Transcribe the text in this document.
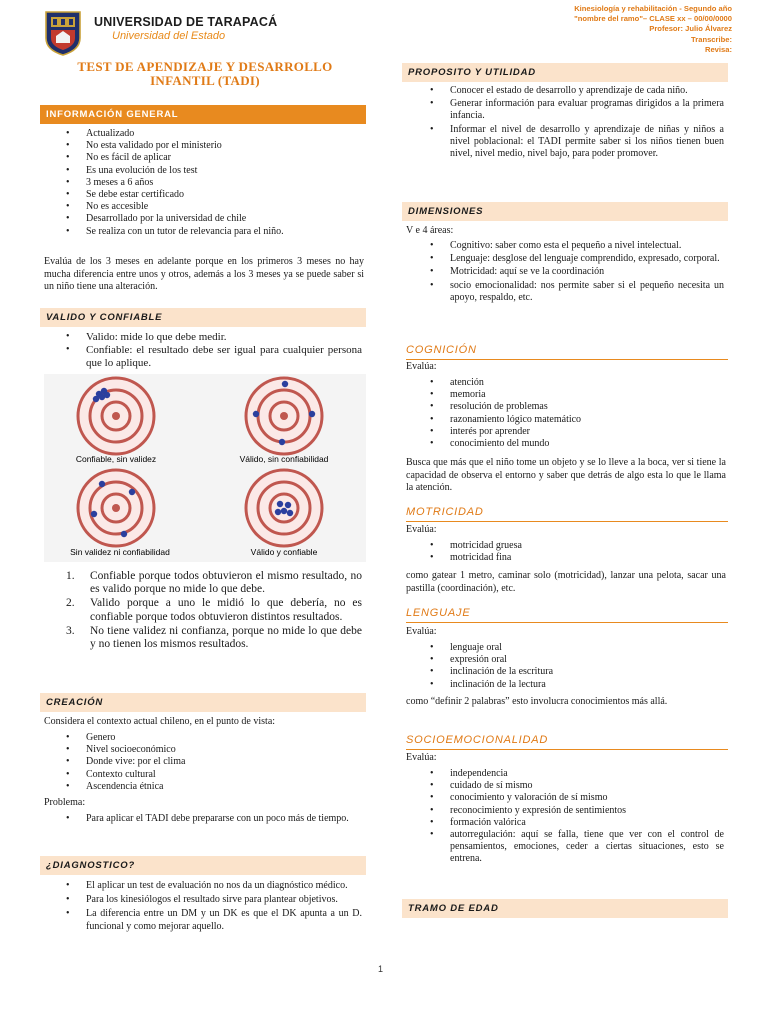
UNIVERSIDAD DE TARAPACÁ
Universidad del Estado
Kinesiología y rehabilitación - Segundo año
"nombre del ramo"– CLASE xx – 00/00/0000
Profesor: Julio Álvarez
Transcribe:
Revisa:
TEST DE APENDIZAJE Y DESARROLLO
INFANTIL (TADI)
INFORMACIÓN GENERAL
• Actualizado
• No esta validado por el ministerio
• No es fácil de aplicar
• Es una evolución de los test
• 3 meses a 6 años
• Se debe estar certificado
• No es accesible
• Desarrollado por la universidad de chile
• Se realiza con un tutor de relevancia para el niño.
Evalúa de los 3 meses en adelante porque en los primeros 3 meses no hay mucha diferencia entre unos y otros, además a los 3 meses ya se puede saber si un niño tiene una alteración.
VALIDO Y CONFIABLE
• Valido: mide lo que debe medir.
• Confiable: el resultado debe ser igual para cualquier persona que lo aplique.
Confiable, sin validez	Válido, sin confiabilidad
Sin validez ni confiabilidad	Válido y confiable
1. Confiable porque todos obtuvieron el mismo resultado, no es valido porque no mide lo que debe.
2. Valido porque a uno le midió lo que debería, no es confiable porque todos obtuvieron distintos resultados.
3. No tiene validez ni confianza, porque no mide lo que debe y no tienen los mismos resultados.
CREACIÓN
Considera el contexto actual chileno, en el punto de vista:
• Genero
• Nivel socioeconómico
• Donde vive: por el clima
• Contexto cultural
• Ascendencia étnica
Problema:
• Para aplicar el TADI debe prepararse con un poco más de tiempo.
¿DIAGNOSTICO?
• El aplicar un test de evaluación no nos da un diagnóstico médico.
• Para los kinesiólogos el resultado sirve para plantear objetivos.
• La diferencia entre un DM y un DK es que el DK apunta a un D. funcional y como mejorar aquello.
PROPOSITO Y UTILIDAD
• Conocer el estado de desarrollo y aprendizaje de cada niño.
• Generar información para evaluar programas dirigidos a la primera infancia.
• Informar el nivel de desarrollo y aprendizaje de niñas y niños a nivel poblacional: el TADI permite saber si los niños tienen buen nivel, nivel medio, nivel bajo, para poder promover.
DIMENSIONES
V e 4 áreas:
• Cognitivo: saber como esta el pequeño a nivel intelectual.
• Lenguaje: desglose del lenguaje comprendido, expresado, corporal.
• Motricidad: aquí se ve la coordinación
• socio emocionalidad: nos permite saber si el pequeño necesita un apoyo, respaldo, etc.
COGNICIÓN
Evalúa:
• atención
• memoria
• resolución de problemas
• razonamiento lógico matemático
• interés por aprender
• conocimiento del mundo
Busca que más que el niño tome un objeto y se lo lleve a la boca, ver si tiene la capacidad de observa el entorno y saber que detrás de algo esta lo que le llama la atención.
MOTRICIDAD
Evalúa:
• motricidad gruesa
• motricidad fina
como gatear 1 metro, caminar solo (motricidad), lanzar una pelota, sacar una pastilla (coordinación), etc.
LENGUAJE
Evalúa:
• lenguaje oral
• expresión oral
• inclinación de la escritura
• inclinación de la lectura
como “definir 2 palabras” esto involucra conocimientos más allá.
SOCIOEMOCIONALIDAD
Evalúa:
• independencia
• cuidado de sí mismo
• conocimiento y valoración de sí mismo
• reconocimiento y expresión de sentimientos
• formación valórica
• autorregulación: aquí se falla, tiene que ver con el control de pensamientos, emociones, ceder a ciertas situaciones, esto se entrena.
TRAMO DE EDAD
1
